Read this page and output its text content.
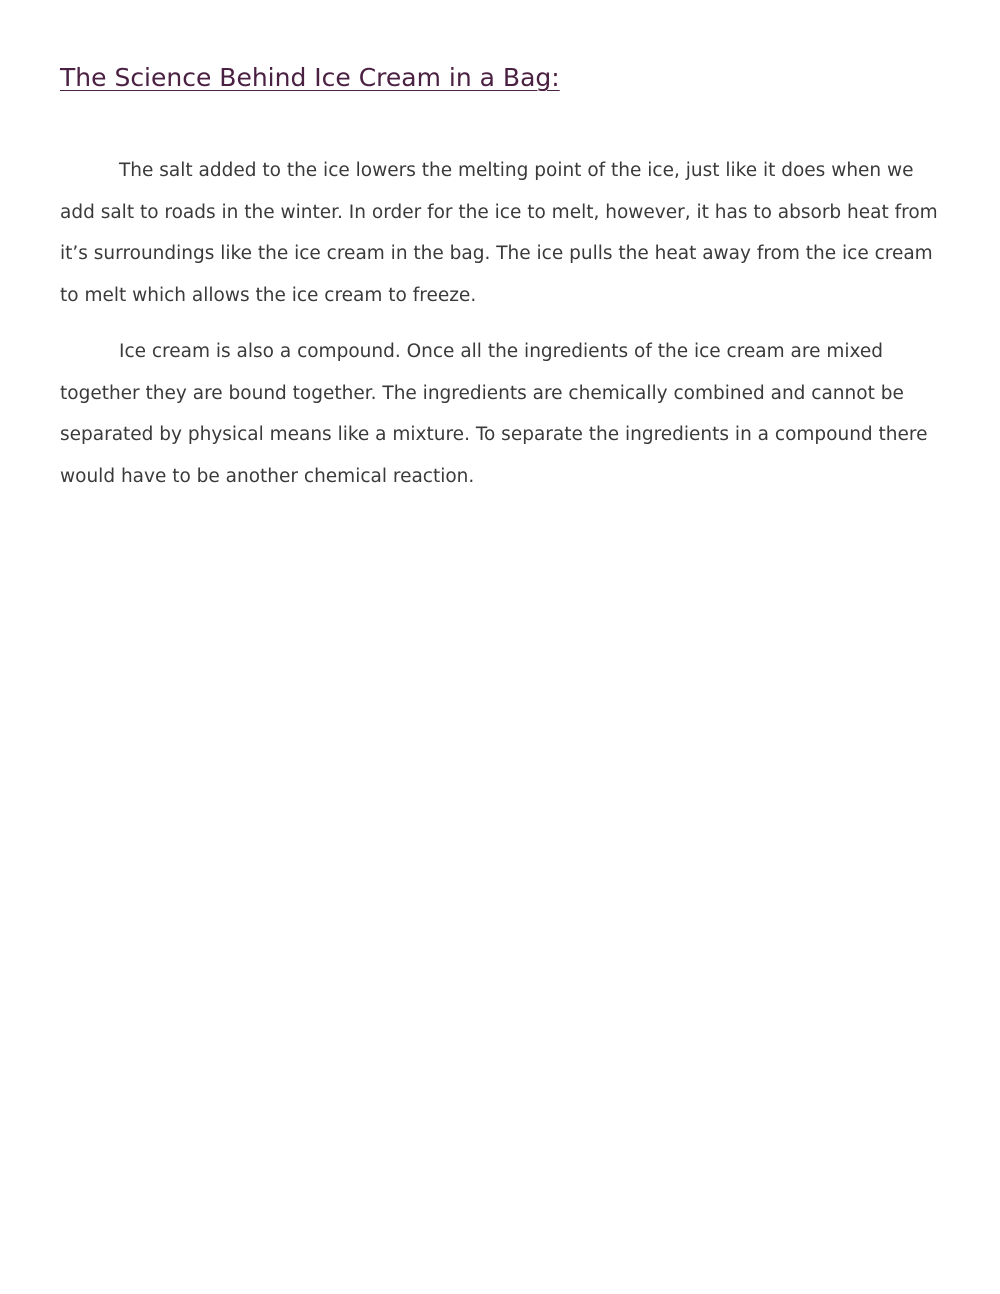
The Science Behind Ice Cream in a Bag:

The salt added to the ice lowers the melting point of the ice, just like it does when we add salt to roads in the winter. In order for the ice to melt, however, it has to absorb heat from it’s surroundings like the ice cream in the bag. The ice pulls the heat away from the ice cream to melt which allows the ice cream to freeze.

Ice cream is also a compound. Once all the ingredients of the ice cream are mixed together they are bound together. The ingredients are chemically combined and cannot be separated by physical means like a mixture. To separate the ingredients in a compound there would have to be another chemical reaction.
